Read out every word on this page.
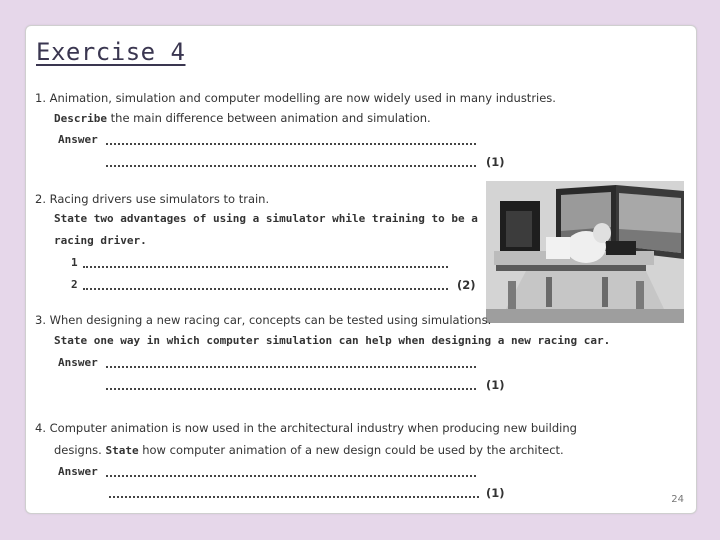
Exercise 4
1. Animation, simulation and computer modelling are now widely used in many industries.
Describe the main difference between animation and simulation.
Answer
(1)
2. Racing drivers use simulators to train.
State two advantages of using a simulator while training to be a
racing driver.
1
2	(2)
3. When designing a new racing car, concepts can be tested using simulations.
State one way in which computer simulation can help when designing a new racing car.
Answer
(1)
4. Computer animation is now used in the architectural industry when producing new building
designs. State how computer animation of a new design could be used by the architect.
Answer
(1)	24
